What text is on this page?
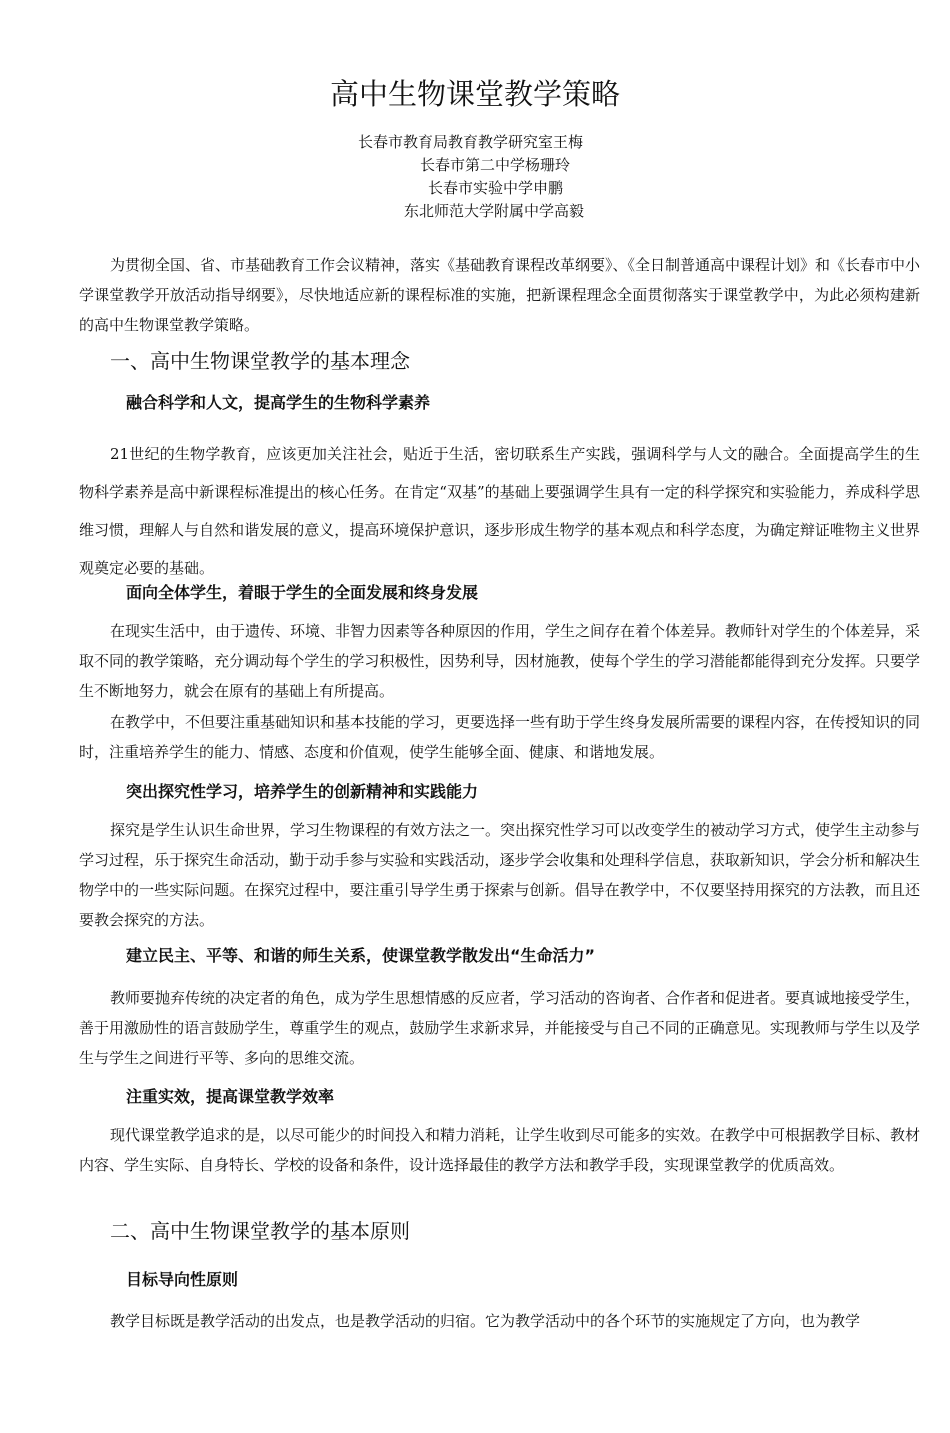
高中生物课堂教学策略
长春市教育局教育教学研究室王梅
长春市第二中学杨珊玲
长春市实验中学申鹏
东北师范大学附属中学高毅

为贯彻全国、省、市基础教育工作会议精神，落实《基础教育课程改革纲要》、《全日制普通高中课程计划》和《长春市中小学课堂教学开放活动指导纲要》，尽快地适应新的课程标准的实施，把新课程理念全面贯彻落实于课堂教学中，为此必须构建新的高中生物课堂教学策略。

一、高中生物课堂教学的基本理念
融合科学和人文，提高学生的生物科学素养

21世纪的生物学教育，应该更加关注社会，贴近于生活，密切联系生产实践，强调科学与人文的融合。全面提高学生的生物科学素养是高中新课程标准提出的核心任务。在肯定“双基”的基础上要强调学生具有一定的科学探究和实验能力，养成科学思维习惯，理解人与自然和谐发展的意义，提高环境保护意识，逐步形成生物学的基本观点和科学态度，为确定辩证唯物主义世界观奠定必要的基础。

面向全体学生，着眼于学生的全面发展和终身发展

在现实生活中，由于遗传、环境、非智力因素等各种原因的作用，学生之间存在着个体差异。教师针对学生的个体差异，采取不同的教学策略，充分调动每个学生的学习积极性，因势利导，因材施教，使每个学生的学习潜能都能得到充分发挥。只要学生不断地努力，就会在原有的基础上有所提高。

在教学中，不但要注重基础知识和基本技能的学习，更要选择一些有助于学生终身发展所需要的课程内容，在传授知识的同时，注重培养学生的能力、情感、态度和价值观，使学生能够全面、健康、和谐地发展。

突出探究性学习，培养学生的创新精神和实践能力

探究是学生认识生命世界，学习生物课程的有效方法之一。突出探究性学习可以改变学生的被动学习方式，使学生主动参与学习过程，乐于探究生命活动，勤于动手参与实验和实践活动，逐步学会收集和处理科学信息，获取新知识，学会分析和解决生物学中的一些实际问题。在探究过程中，要注重引导学生勇于探索与创新。倡导在教学中，不仅要坚持用探究的方法教，而且还要教会探究的方法。

建立民主、平等、和谐的师生关系，使课堂教学散发出“生命活力”

教师要抛弃传统的决定者的角色，成为学生思想情感的反应者，学习活动的咨询者、合作者和促进者。要真诚地接受学生，善于用激励性的语言鼓励学生，尊重学生的观点，鼓励学生求新求异，并能接受与自己不同的正确意见。实现教师与学生以及学生与学生之间进行平等、多向的思维交流。

注重实效，提高课堂教学效率

现代课堂教学追求的是，以尽可能少的时间投入和精力消耗，让学生收到尽可能多的实效。在教学中可根据教学目标、教材内容、学生实际、自身特长、学校的设备和条件，设计选择最佳的教学方法和教学手段，实现课堂教学的优质高效。

二、高中生物课堂教学的基本原则
目标导向性原则

教学目标既是教学活动的出发点，也是教学活动的归宿。它为教学活动中的各个环节的实施规定了方向，也为教学
